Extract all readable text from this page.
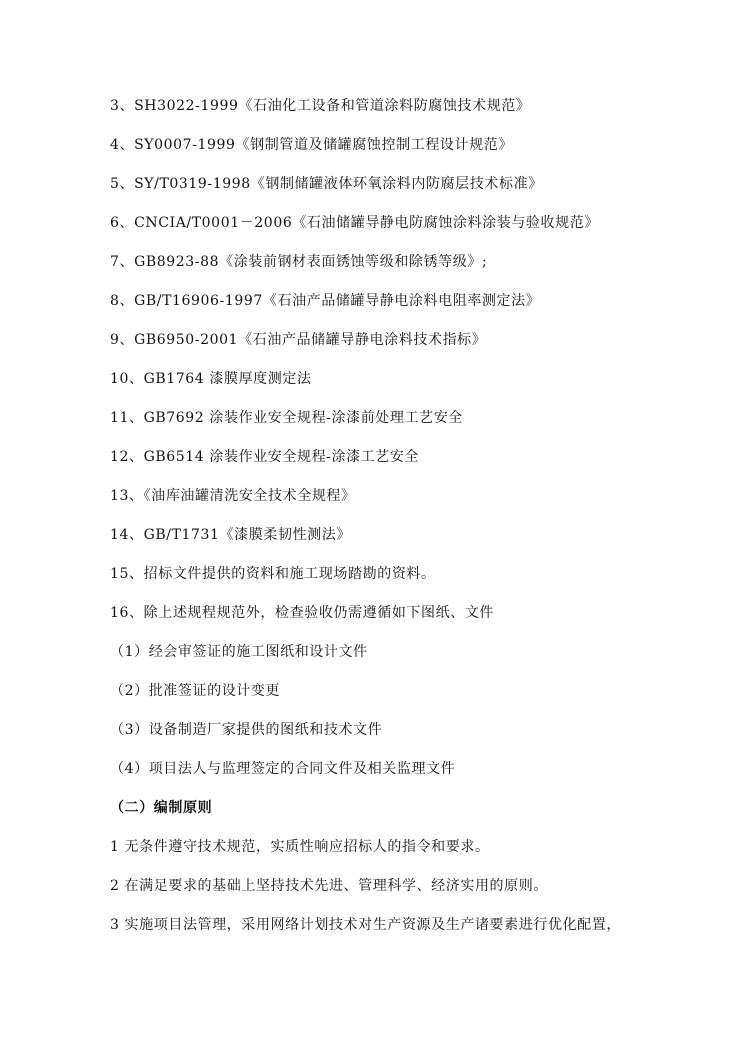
3、SH3022-1999《石油化工设备和管道涂料防腐蚀技术规范》
4、SY0007-1999《钢制管道及储罐腐蚀控制工程设计规范》
5、SY/T0319-1998《钢制储罐液体环氧涂料内防腐层技术标准》
6、CNCIA/T0001－2006《石油储罐导静电防腐蚀涂料涂装与验收规范》
7、GB8923-88《涂装前钢材表面锈蚀等级和除锈等级》;
8、GB/T16906-1997《石油产品储罐导静电涂料电阻率测定法》
9、GB6950-2001《石油产品储罐导静电涂料技术指标》
10、GB1764 漆膜厚度测定法
11、GB7692 涂装作业安全规程-涂漆前处理工艺安全
12、GB6514 涂装作业安全规程-涂漆工艺安全
13、《油库油罐清洗安全技术全规程》
14、GB/T1731《漆膜柔韧性测法》
15、招标文件提供的资料和施工现场踏勘的资料。
16、除上述规程规范外，检查验收仍需遵循如下图纸、文件
（1）经会审签证的施工图纸和设计文件
（2）批准签证的设计变更
（3）设备制造厂家提供的图纸和技术文件
（4）项目法人与监理签定的合同文件及相关监理文件
（二）编制原则
1 无条件遵守技术规范，实质性响应招标人的指令和要求。
2 在满足要求的基础上坚持技术先进、管理科学、经济实用的原则。
3 实施项目法管理，采用网络计划技术对生产资源及生产诸要素进行优化配置，
